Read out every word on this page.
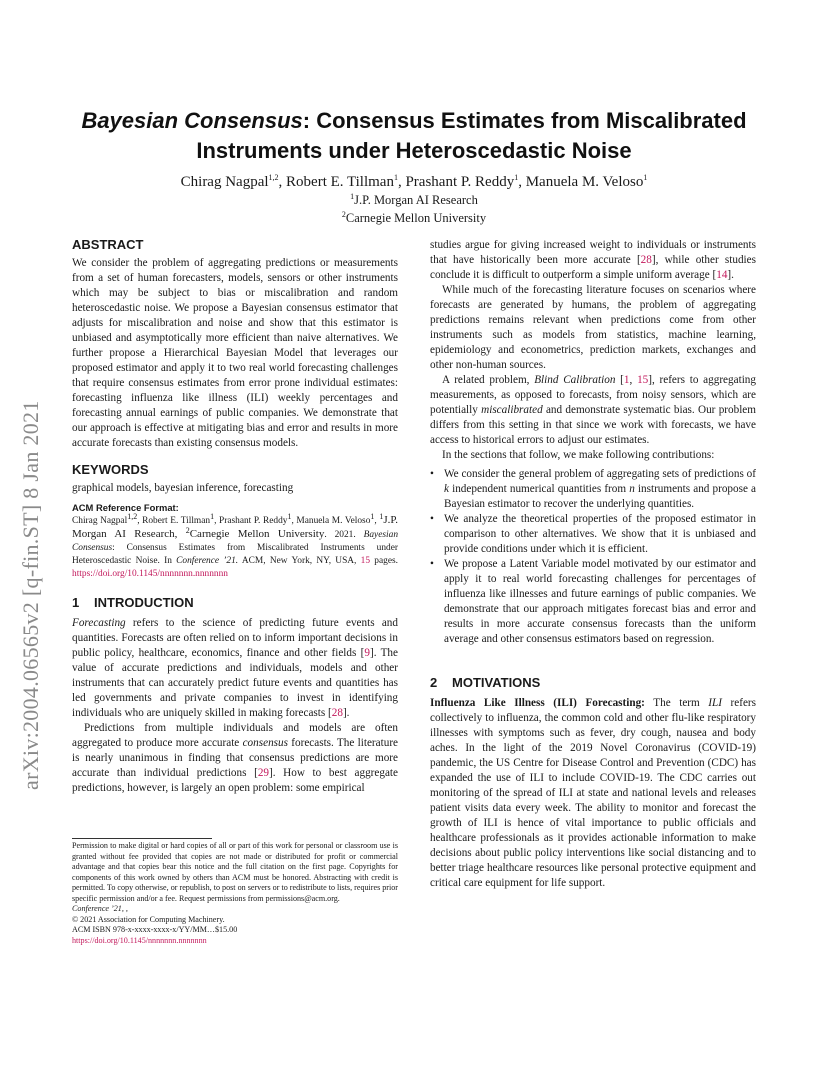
arXiv:2004.06565v2 [q-fin.ST] 8 Jan 2021
Bayesian Consensus: Consensus Estimates from Miscalibrated
Instruments under Heteroscedastic Noise
Chirag Nagpal$^{1,2}$, Robert E. Tillman$^1$, Prashant P. Reddy$^1$, Manuela M. Veloso$^1$
$^1$J.P. Morgan AI Research
$^2$Carnegie Mellon University

ABSTRACT

We consider the problem of aggregating predictions or measurements from a set of human forecasters, models, sensors or other instruments which may be subject to bias or miscalibration and random heteroscedastic noise. We propose a Bayesian consensus estimator that adjusts for miscalibration and noise and show that this estimator is unbiased and asymptotically more efficient than naive alternatives. We further propose a Hierarchical Bayesian Model that leverages our proposed estimator and apply it to two real world forecasting challenges that require consensus estimates from error prone individual estimates: forecasting influenza like illness (ILI) weekly percentages and forecasting annual earnings of public companies. We demonstrate that our approach is effective at mitigating bias and error and results in more accurate forecasts than existing consensus models.

KEYWORDS

graphical models, bayesian inference, forecasting

ACM Reference Format:

Chirag Nagpal$^{1,2}$, Robert E. Tillman$^1$, Prashant P. Reddy$^1$, Manuela M. Veloso$^1$, $^1$J.P. Morgan AI Research, $^2$Carnegie Mellon University. 2021. Bayesian Consensus: Consensus Estimates from Miscalibrated Instruments under Heteroscedastic Noise. In Conference ’21. ACM, New York, NY, USA, 15 pages. https://doi.org/10.1145/nnnnnnn.nnnnnnn

1 INTRODUCTION

Forecasting refers to the science of predicting future events and quantities. Forecasts are often relied on to inform important decisions in public policy, healthcare, economics, finance and other fields [9]. The value of accurate predictions and individuals, models and other instruments that can accurately predict future events and quantities has led governments and private companies to invest in identifying individuals who are uniquely skilled in making forecasts [28].

Predictions from multiple individuals and models are often aggregated to produce more accurate consensus forecasts. The literature is nearly unanimous in finding that consensus predictions are more accurate than individual predictions [29]. How to best aggregate predictions, however, is largely an open problem: some empirical

Permission to make digital or hard copies of all or part of this work for personal or classroom use is granted without fee provided that copies are not made or distributed for profit or commercial advantage and that copies bear this notice and the full citation on the first page. Copyrights for components of this work owned by others than ACM must be honored. Abstracting with credit is permitted. To copy otherwise, or republish, to post on servers or to redistribute to lists, requires prior specific permission and/or a fee. Request permissions from permissions@acm.org.
Conference ’21, ,
© 2021 Association for Computing Machinery.
ACM ISBN 978-x-xxxx-xxxx-x/YY/MM…$15.00
https://doi.org/10.1145/nnnnnnn.nnnnnnn

studies argue for giving increased weight to individuals or instruments that have historically been more accurate [28], while other studies conclude it is difficult to outperform a simple uniform average [14].

While much of the forecasting literature focuses on scenarios where forecasts are generated by humans, the problem of aggregating predictions remains relevant when predictions come from other instruments such as models from statistics, machine learning, epidemiology and econometrics, prediction markets, exchanges and other non-human sources.

A related problem, Blind Calibration [1, 15], refers to aggregating measurements, as opposed to forecasts, from noisy sensors, which are potentially miscalibrated and demonstrate systematic bias. Our problem differs from this setting in that since we work with forecasts, we have access to historical errors to adjust our estimates.

In the sections that follow, we make following contributions:

• We consider the general problem of aggregating sets of predictions of k independent numerical quantities from n instruments and propose a Bayesian estimator to recover the underlying quantities.
• We analyze the theoretical properties of the proposed estimator in comparison to other alternatives. We show that it is unbiased and provide conditions under which it is efficient.
• We propose a Latent Variable model motivated by our estimator and apply it to real world forecasting challenges for percentages of influenza like illnesses and future earnings of public companies. We demonstrate that our approach mitigates forecast bias and error and results in more accurate consensus forecasts than the uniform average and other consensus estimators based on regression.

2 MOTIVATIONS

Influenza Like Illness (ILI) Forecasting: The term ILI refers collectively to influenza, the common cold and other flu-like respiratory illnesses with symptoms such as fever, dry cough, nausea and body aches. In the light of the 2019 Novel Coronavirus (COVID-19) pandemic, the US Centre for Disease Control and Prevention (CDC) has expanded the use of ILI to include COVID-19. The CDC carries out monitoring of the spread of ILI at state and national levels and releases patient visits data every week. The ability to monitor and forecast the growth of ILI is hence of vital importance to public officials and healthcare professionals as it provides actionable information to make decisions about public policy interventions like social distancing and to better triage healthcare resources like personal protective equipment and critical care equipment for life support.
